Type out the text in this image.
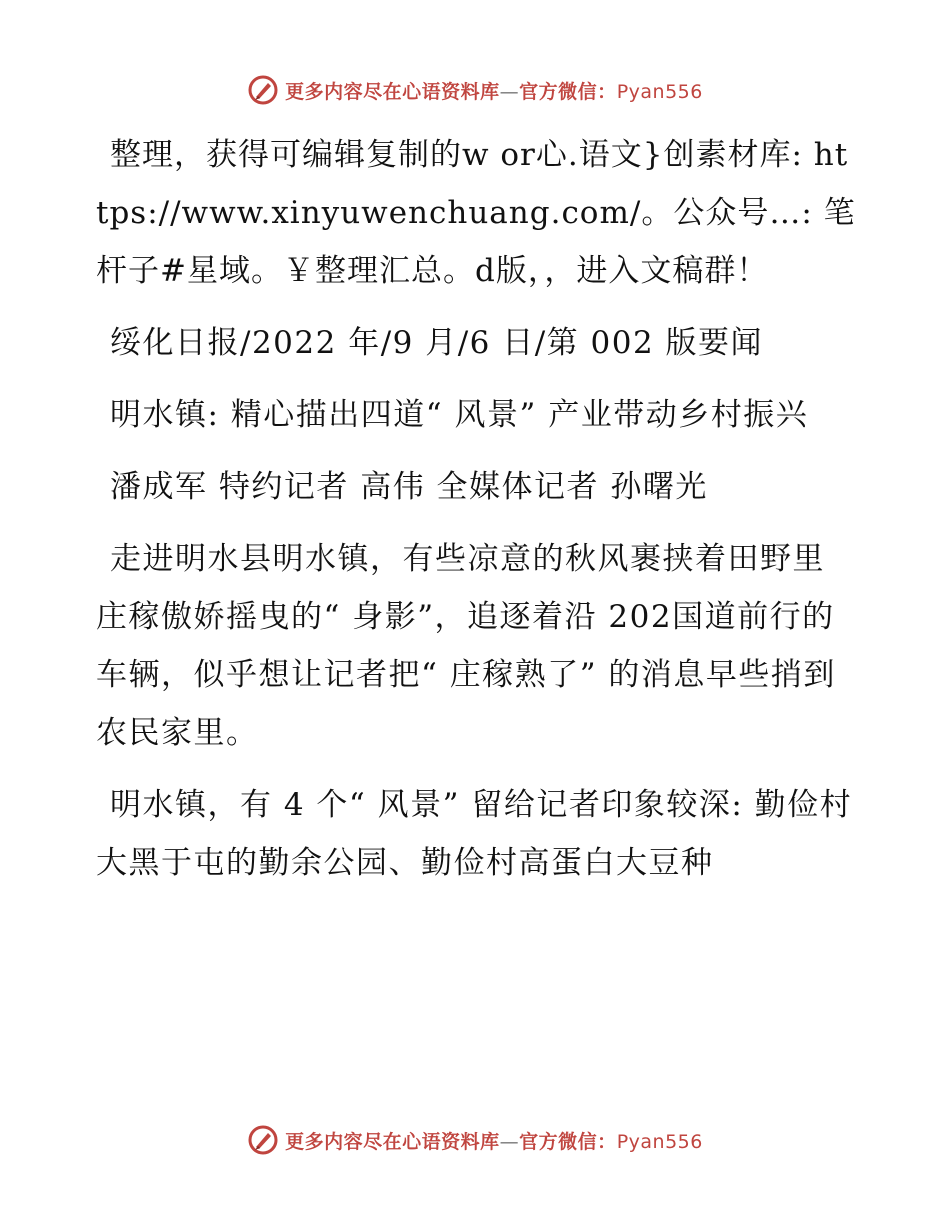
更多内容尽在心语资料库—官方微信：Pyan556

整理，获得可编辑复制的w or心.语文}创素材库: https://www.xinyuwenchuang.com/。公众号…: 笔杆子#星域。￥整理汇总。d版，，进入文稿群！

绥化日报/2022 年/9 月/6 日/第 002 版要闻

明水镇: 精心描出四道“ 风景” 产业带动乡村振兴

潘成军 特约记者 高伟 全媒体记者 孙曙光

走进明水县明水镇，有些凉意的秋风裹挟着田野里庄稼傲娇摇曳的“ 身影”，追逐着沿 202国道前行的车辆，似乎想让记者把“ 庄稼熟了” 的消息早些捎到农民家里。

明水镇，有 4 个“ 风景” 留给记者印象较深: 勤俭村大黑于屯的勤余公园、勤俭村高蛋白大豆种

更多内容尽在心语资料库—官方微信：Pyan556
